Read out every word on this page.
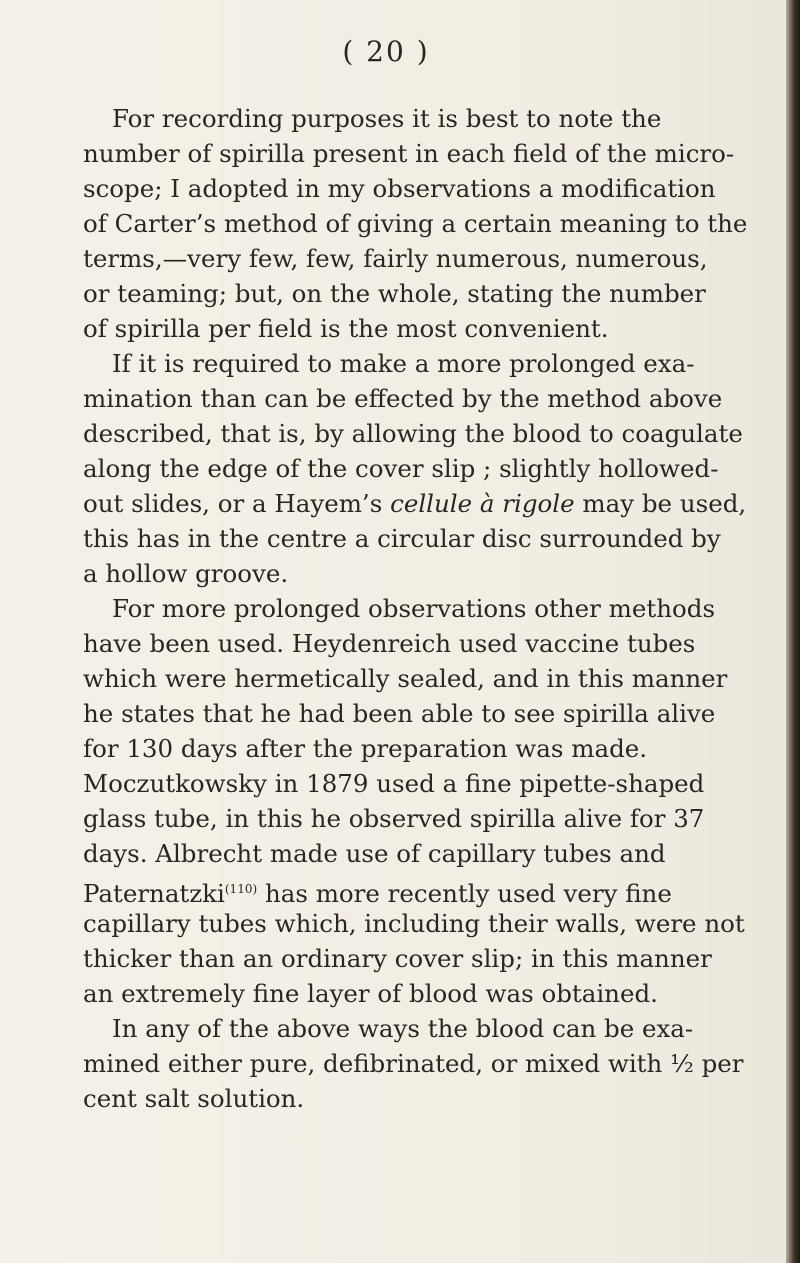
( 20 )
For recording purposes it is best to note the
number of spirilla present in each field of the micro-
scope; I adopted in my observations a modification
of Carter’s method of giving a certain meaning to the
terms,—very few, few, fairly numerous, numerous,
or teaming; but, on the whole, stating the number
of spirilla per field is the most convenient.
If it is required to make a more prolonged exa-
mination than can be effected by the method above
described, that is, by allowing the blood to coagulate
along the edge of the cover slip ; slightly hollowed-
out slides, or a Hayem’s cellule à rigole may be used,
this has in the centre a circular disc surrounded by
a hollow groove.
For more prolonged observations other methods
have been used. Heydenreich used vaccine tubes
which were hermetically sealed, and in this manner
he states that he had been able to see spirilla alive
for 130 days after the preparation was made.
Moczutkowsky in 1879 used a fine pipette-shaped
glass tube, in this he observed spirilla alive for 37
days. Albrecht made use of capillary tubes and
Paternatzki$^{(110)}$ has more recently used very fine
capillary tubes which, including their walls, were not
thicker than an ordinary cover slip; in this manner
an extremely fine layer of blood was obtained.
In any of the above ways the blood can be exa-
mined either pure, defibrinated, or mixed with ½ per
cent salt solution.
